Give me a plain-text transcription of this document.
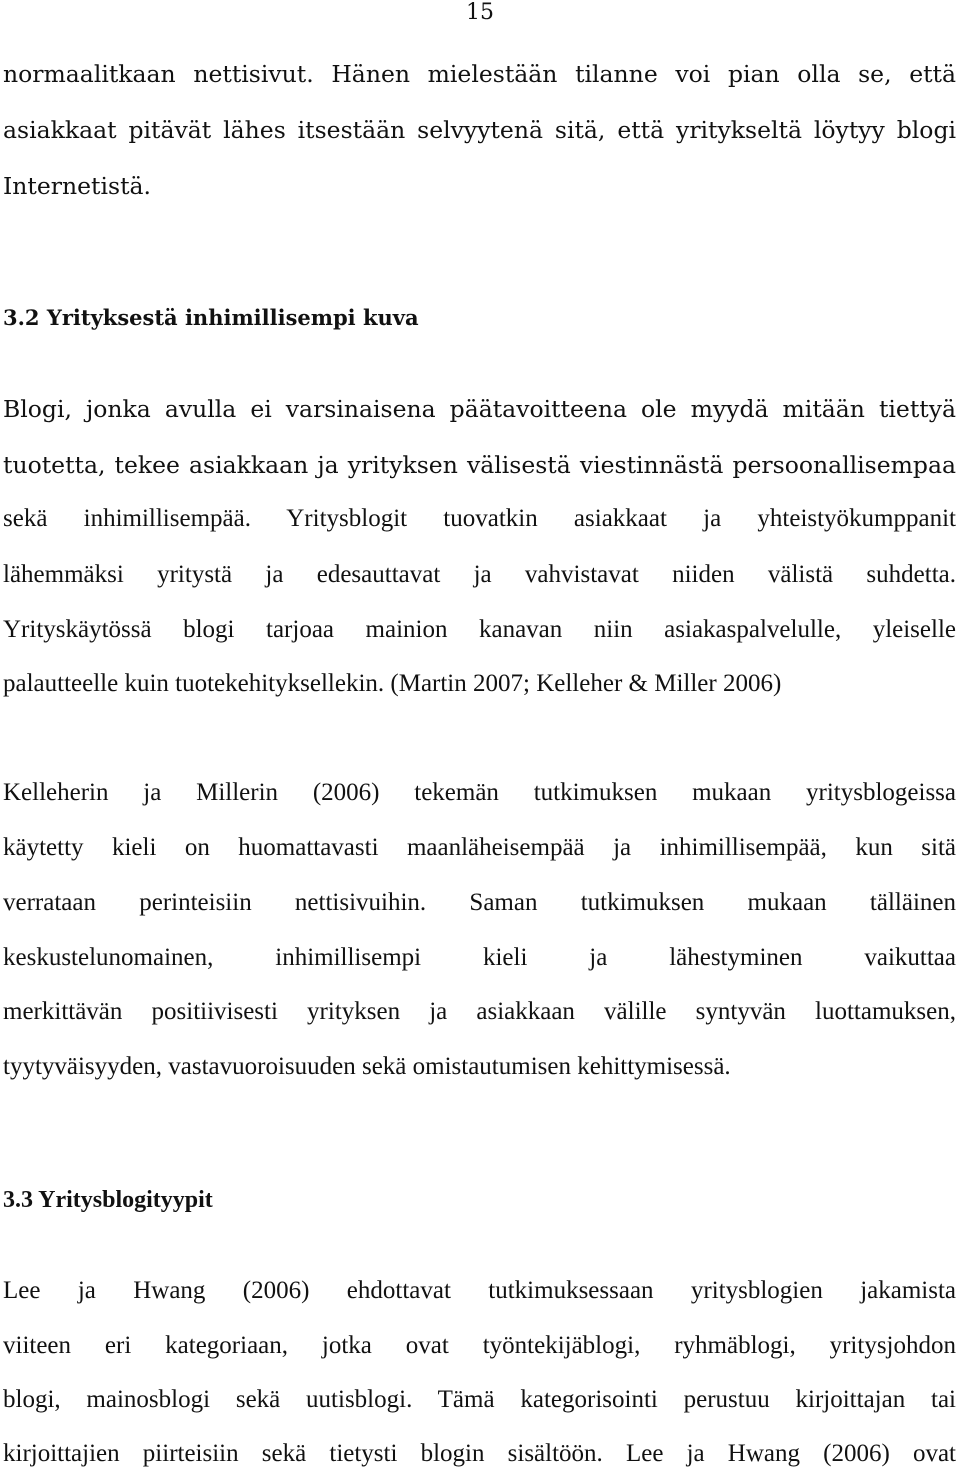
15
normaalitkaan nettisivut. Hänen mielestään tilanne voi pian olla se, että
asiakkaat pitävät lähes itsestään selvyytenä sitä, että yritykseltä löytyy blogi
Internetistä.
3.2 Yrityksestä inhimillisempi kuva
Blogi, jonka avulla ei varsinaisena päätavoitteena ole myydä mitään tiettyä
tuotetta, tekee asiakkaan ja yrityksen välisestä viestinnästä persoonallisempaa
sekä inhimillisempää. Yritysblogit tuovatkin asiakkaat ja yhteistyökumppanit
lähemmäksi yritystä ja edesauttavat ja vahvistavat niiden välistä suhdetta.
Yrityskäytössä blogi tarjoaa mainion kanavan niin asiakaspalvelulle, yleiselle
palautteelle kuin tuotekehityksellekin. (Martin 2007; Kelleher & Miller 2006)
Kelleherin ja Millerin (2006) tekemän tutkimuksen mukaan yritysblogeissa
käytetty kieli on huomattavasti maanläheisempää ja inhimillisempää, kun sitä
verrataan perinteisiin nettisivuihin. Saman tutkimuksen mukaan tälläinen
keskustelunomainen, inhimillisempi kieli ja lähestyminen vaikuttaa
merkittävän positiivisesti yrityksen ja asiakkaan välille syntyvän luottamuksen,
tyytyväisyyden, vastavuoroisuuden sekä omistautumisen kehittymisessä.
3.3 Yritysblogityypit
Lee ja Hwang (2006) ehdottavat tutkimuksessaan yritysblogien jakamista
viiteen eri kategoriaan, jotka ovat työntekijäblogi, ryhmäblogi, yritysjohdon
blogi, mainosblogi sekä uutisblogi. Tämä kategorisointi perustuu kirjoittajan tai
kirjoittajien piirteisiin sekä tietysti blogin sisältöön. Lee ja Hwang (2006) ovat
